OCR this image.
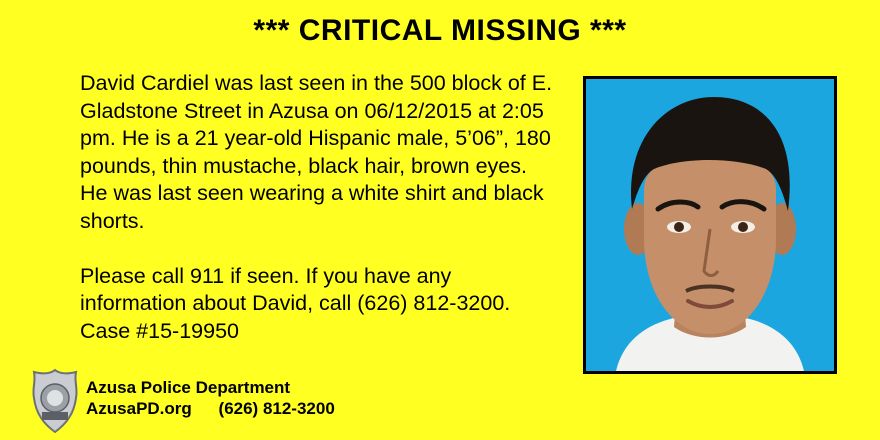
*** CRITICAL MISSING ***

David Cardiel was last seen in the 500 block of E. Gladstone Street in Azusa on 06/12/2015 at 2:05 pm. He is a 21 year-old Hispanic male, 5’06”, 180 pounds, thin mustache, black hair, brown eyes. He was last seen wearing a white shirt and black shorts.

Please call 911 if seen. If you have any information about David, call (626) 812-3200. Case #15-19950

Azusa Police Department
AzusaPD.org (626) 812-3200
